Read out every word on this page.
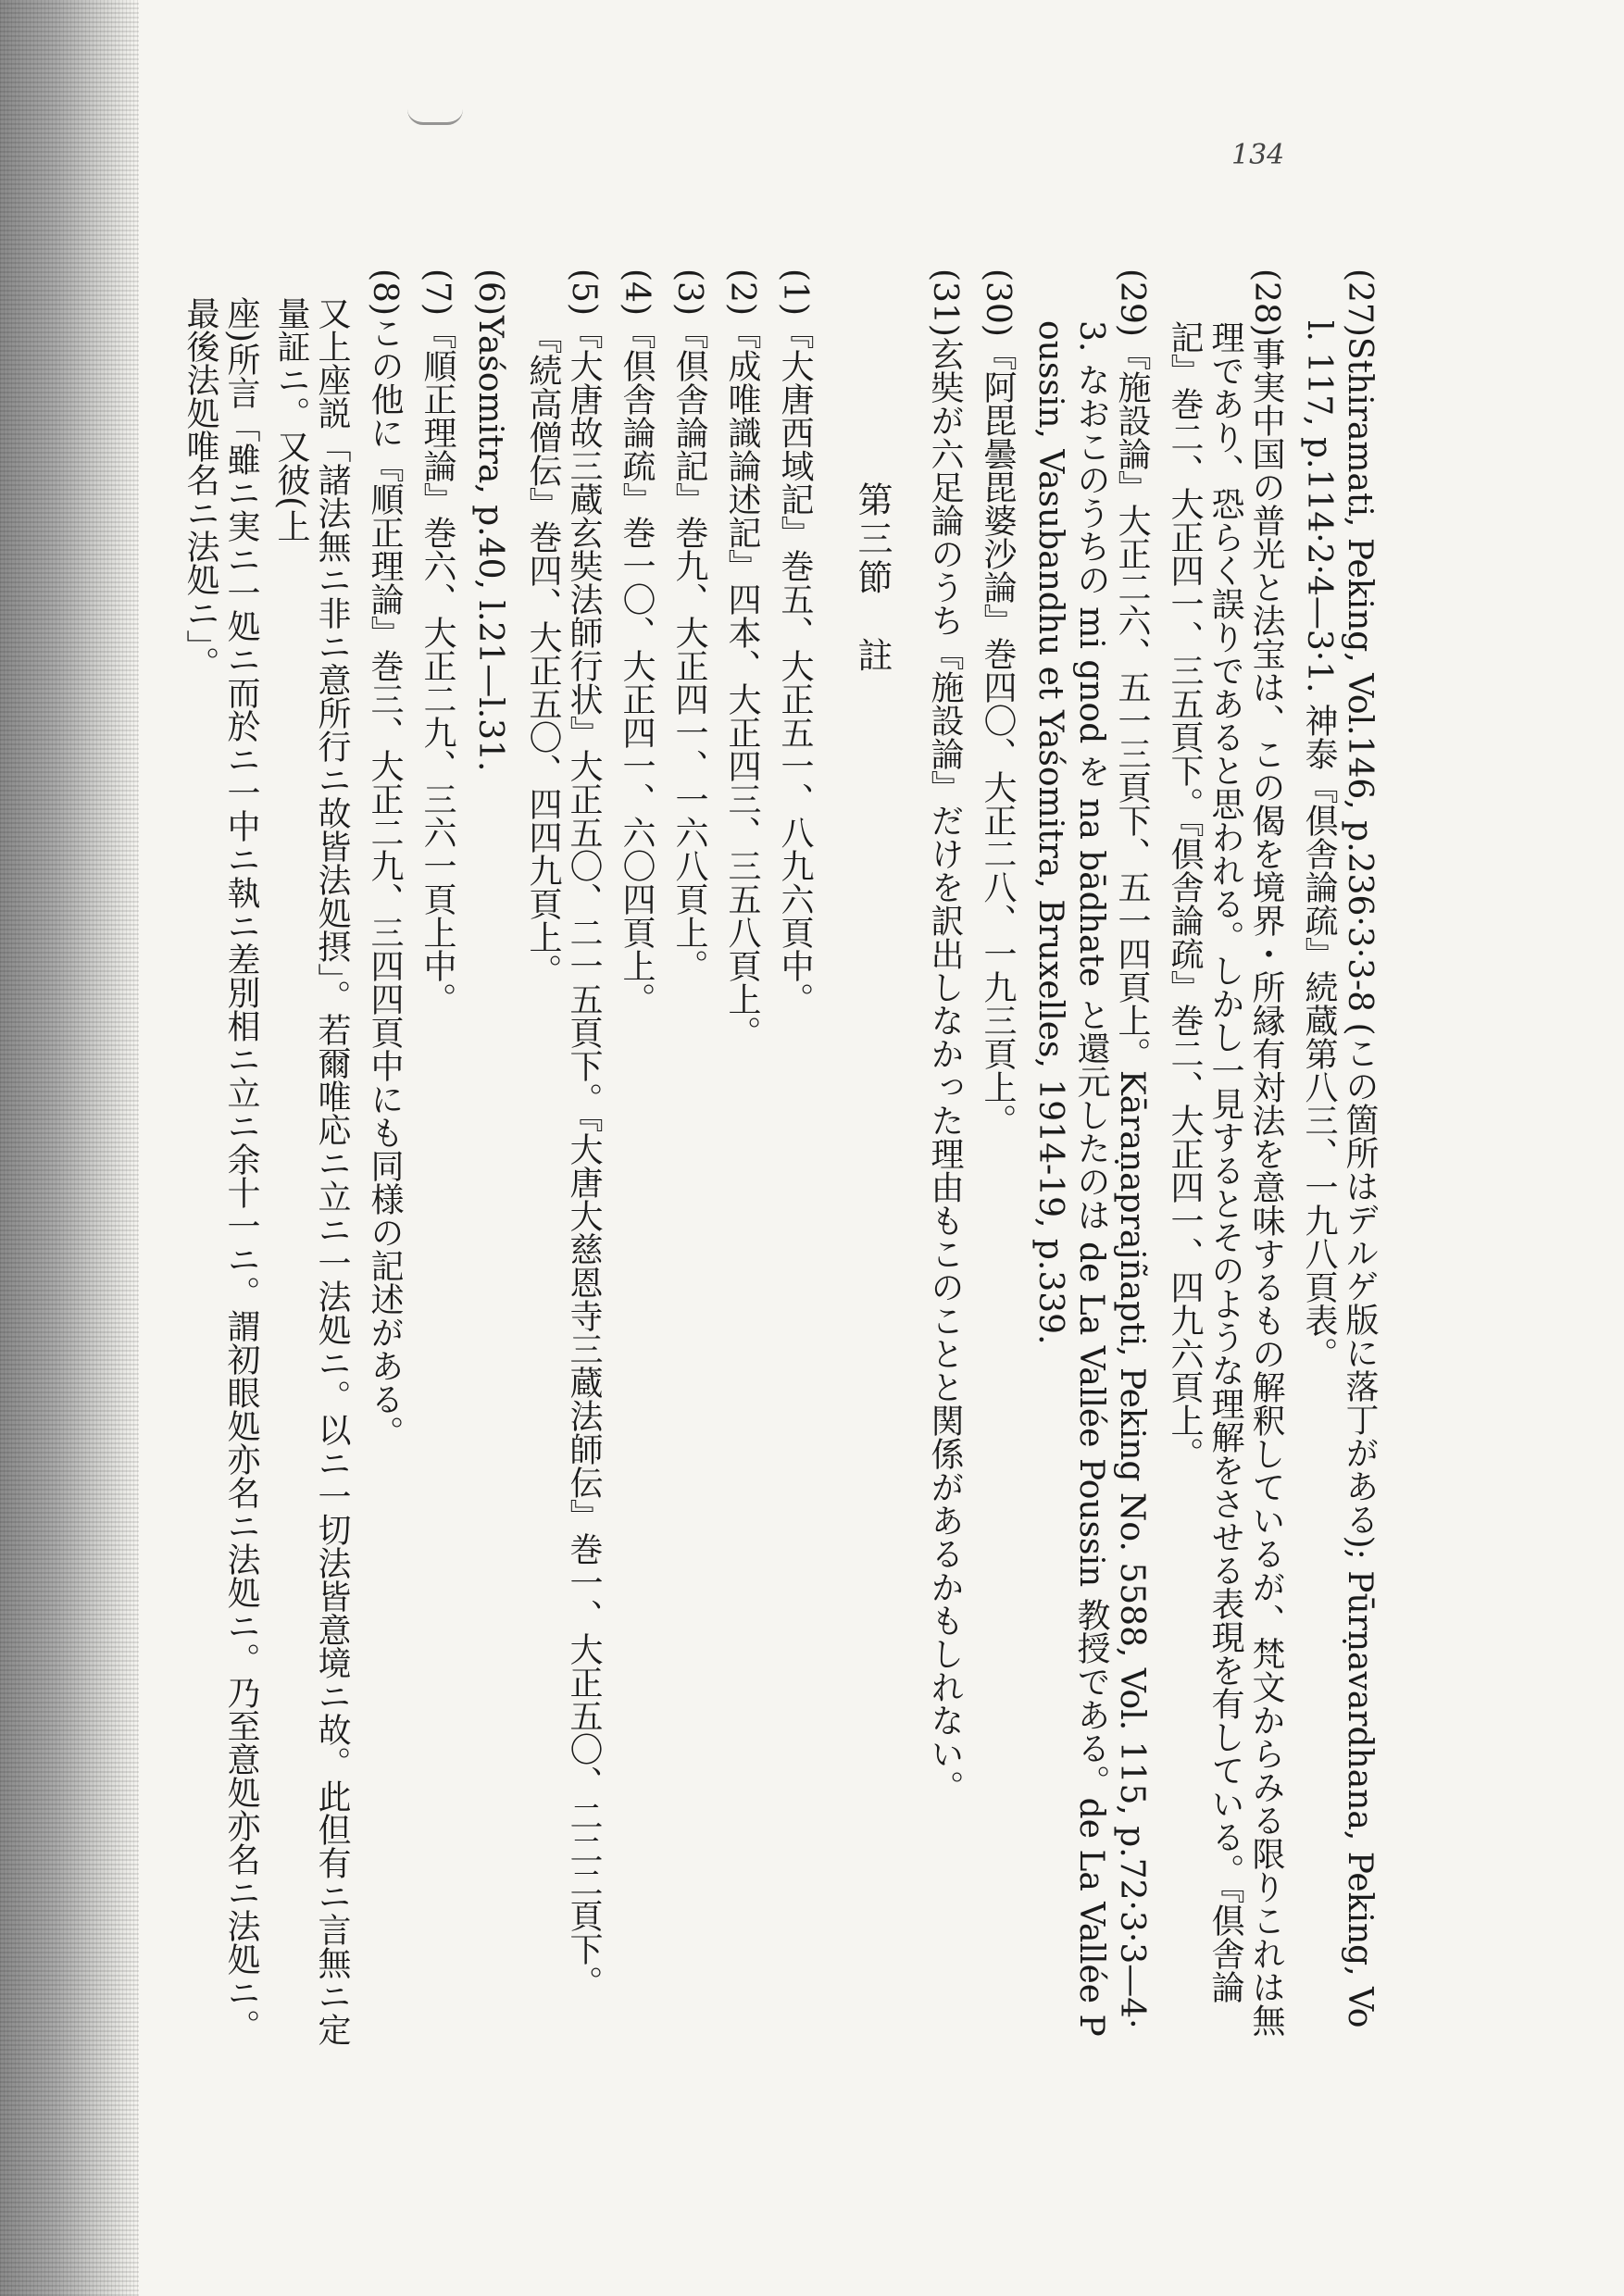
134
(27)Sthiramati, Peking, Vol.146, p.236·3·3-8 (この箇所はデルゲ版に落丁がある); Pūrṇavardhana, Peking, Vol. 117, p.114·2·4—3·1. 神泰『倶舎論疏』続蔵第八三、一九八頁表。
(28)事実中国の普光と法宝は、この偈を境界・所縁有対法を意味するもの解釈しているが、梵文からみる限りこれは無理であり、恐らく誤りであると思われる。しかし一見するとそのような理解をさせる表現を有している。『倶舎論記』巻二、大正四一、三五頁下。『倶舎論疏』巻二、大正四一、四九六頁上。
(29)『施設論』大正二六、五一三頁下、五一四頁上。Kāraṇaprajñapti, Peking No. 5588, Vol. 115, p.72·3·3—4·3. なおこのうちの mi gnod を na bādhate と還元したのは de La Vallée Poussin 教授である。de La Vallée Poussin, Vasubandhu et Yaśomitra, Bruxelles, 1914-19, p.339.
(30)『阿毘曇毘婆沙論』巻四〇、大正二八、一九三頁上。
(31)玄奘が六足論のうち『施設論』だけを訳出しなかった理由もこのことと関係があるかもしれない。
第三節　註
(1)『大唐西域記』巻五、大正五一、八九六頁中。
(2)『成唯識論述記』四本、大正四三、三五八頁上。
(3)『倶舎論記』巻九、大正四一、一六八頁上。
(4)『倶舎論疏』巻一〇、大正四一、六〇四頁上。
(5)『大唐故三蔵玄奘法師行状』大正五〇、二一五頁下。『大唐大慈恩寺三蔵法師伝』巻一、大正五〇、二二二頁下。『続高僧伝』巻四、大正五〇、四四九頁上。
(6)Yaśomitra, p.40, l.21—l.31.
(7)『順正理論』巻六、大正二九、三六一頁上中。
(8)この他に『順正理論』巻三、大正二九、三四四頁中にも同様の記述がある。
又上座説「諸法無ニ非ニ意所行ニ故皆法処摂」。若爾唯応ニ立ニ一法処ニ。以ニ一切法皆意境ニ故。此但有ニ言無ニ定量証ニ。又彼(上
座)所言「雖ニ実ニ一処ニ而於ニ一中ニ執ニ差別相ニ立ニ余十一ニ。謂初眼処亦名ニ法処ニ。乃至意処亦名ニ法処ニ。最後法処唯名ニ法処ニ」。
